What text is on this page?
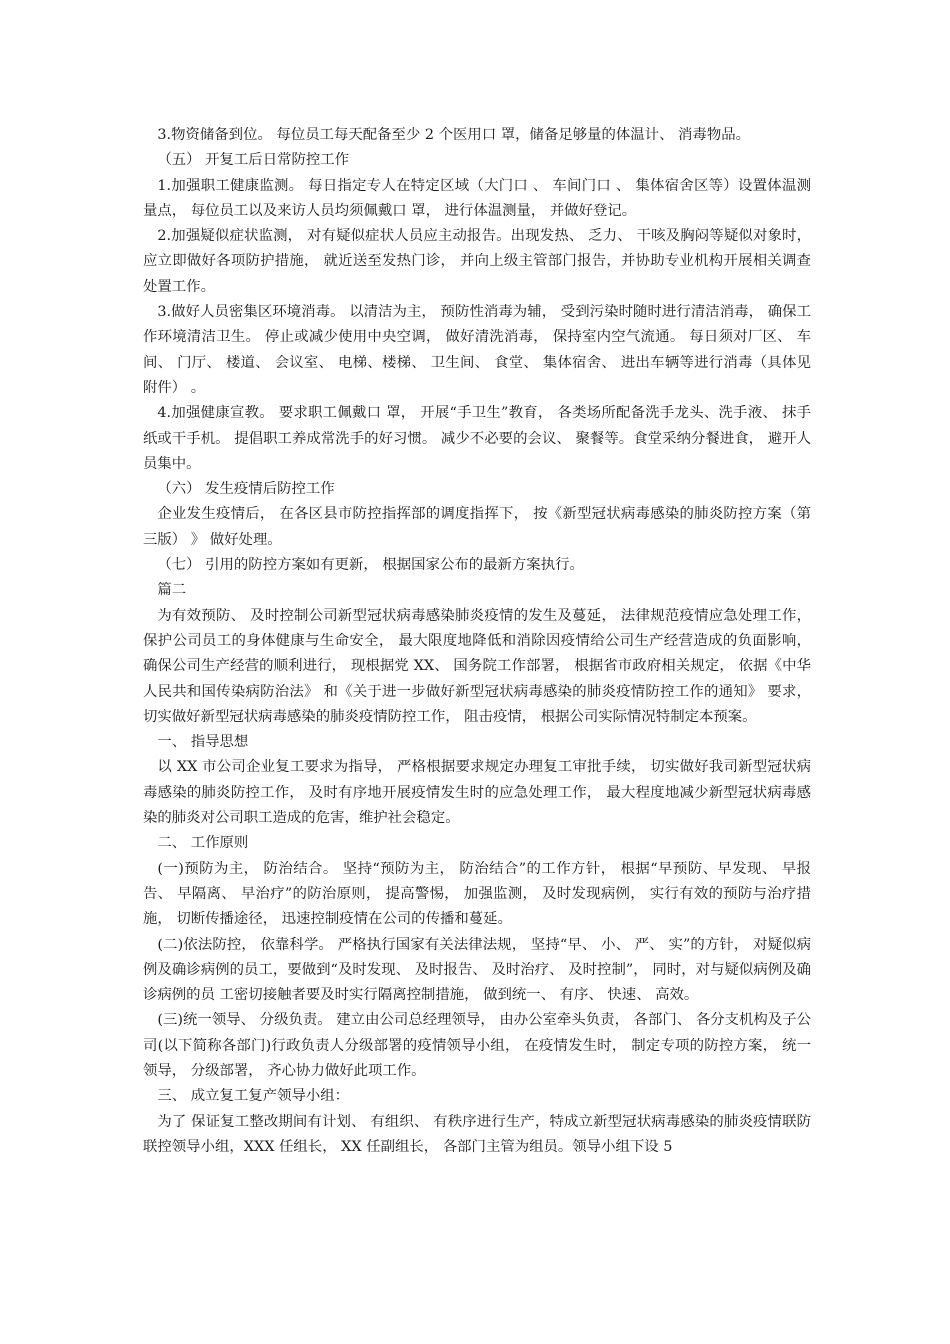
3.物资储备到位。 每位员工每天配备至少 2 个医用口 罩，储备足够量的体温计、 消毒物品。

（五） 开复工后日常防控工作

1.加强职工健康监测。 每日指定专人在特定区域（大门口 、 车间门口 、 集体宿舍区等）设置体温测量点， 每位员工以及来访人员均须佩戴口 罩， 进行体温测量， 并做好登记。

2.加强疑似症状监测， 对有疑似症状人员应主动报告。出现发热、 乏力、 干咳及胸闷等疑似对象时， 应立即做好各项防护措施， 就近送至发热门诊， 并向上级主管部门报告，并协助专业机构开展相关调查处置工作。

3.做好人员密集区环境消毒。 以清洁为主， 预防性消毒为辅， 受到污染时随时进行清洁消毒， 确保工作环境清洁卫生。 停止或减少使用中央空调， 做好清洗消毒， 保持室内空气流通。 每日须对厂区、 车间、 门厅、 楼道、 会议室、 电梯、楼梯、 卫生间、 食堂、 集体宿舍、 进出车辆等进行消毒（具体见附件） 。

4.加强健康宣教。 要求职工佩戴口 罩， 开展“手卫生”教育， 各类场所配备洗手龙头、洗手液、 抹手纸或干手机。 提倡职工养成常洗手的好习惯。 减少不必要的会议、 聚餐等。食堂采纳分餐进食， 避开人员集中。

（六） 发生疫情后防控工作

企业发生疫情后， 在各区县市防控指挥部的调度指挥下， 按《新型冠状病毒感染的肺炎防控方案（第三版） 》 做好处理。

（七） 引用的防控方案如有更新， 根据国家公布的最新方案执行。

篇二

为有效预防、 及时控制公司新型冠状病毒感染肺炎疫情的发生及蔓延， 法律规范疫情应急处理工作， 保护公司员工的身体健康与生命安全， 最大限度地降低和消除因疫情给公司生产经营造成的负面影响， 确保公司生产经营的顺利进行， 现根据党 XX、 国务院工作部署， 根据省市政府相关规定， 依据《中华人民共和国传染病防治法》 和《关于进一步做好新型冠状病毒感染的肺炎疫情防控工作的通知》 要求， 切实做好新型冠状病毒感染的肺炎疫情防控工作， 阻击疫情， 根据公司实际情况特制定本预案。

一、 指导思想

以 XX 市公司企业复工要求为指导， 严格根据要求规定办理复工审批手续， 切实做好我司新型冠状病毒感染的肺炎防控工作， 及时有序地开展疫情发生时的应急处理工作， 最大程度地减少新型冠状病毒感染的肺炎对公司职工造成的危害，维护社会稳定。

二、 工作原则

(一)预防为主， 防治结合。 坚持“预防为主， 防治结合”的工作方针， 根据“早预防、早发现、 早报告、 早隔离、 早治疗”的防治原则， 提高警惕， 加强监测， 及时发现病例， 实行有效的预防与治疗措施， 切断传播途径， 迅速控制疫情在公司的传播和蔓延。

(二)依法防控， 依靠科学。 严格执行国家有关法律法规， 坚持“早、 小、 严、 实”的方针， 对疑似病例及确诊病例的员工，要做到“及时发现、 及时报告、 及时治疗、 及时控制”， 同时，对与疑似病例及确诊病例的员 工密切接触者要及时实行隔离控制措施， 做到统一、 有序、 快速、 高效。

(三)统一领导、 分级负责。 建立由公司总经理领导， 由办公室牵头负责， 各部门、 各分支机构及子公司(以下简称各部门)行政负责人分级部署的疫情领导小组， 在疫情发生时， 制定专项的防控方案， 统一领导， 分级部署， 齐心协力做好此项工作。

三、 成立复工复产领导小组：

为了 保证复工整改期间有计划、 有组织、 有秩序进行生产，特成立新型冠状病毒感染的肺炎疫情联防联控领导小组，XXX 任组长， XX 任副组长， 各部门主管为组员。领导小组下设 5
